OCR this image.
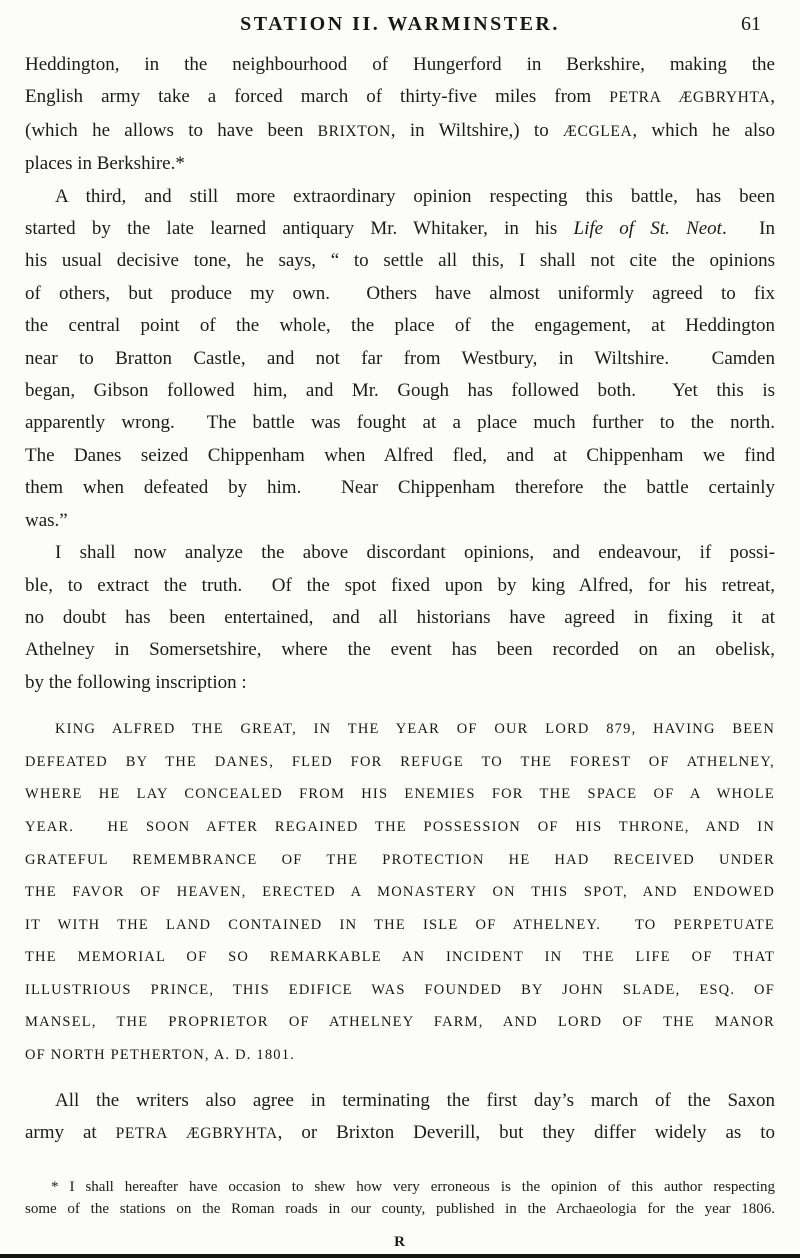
STATION II. WARMINSTER.	61
Heddington, in the neighbourhood of Hungerford in Berkshire, making the
English army take a forced march of thirty-five miles from PETRA ÆGBRYHTA,
(which he allows to have been BRIXTON, in Wiltshire,) to ÆCGLEA, which he also
places in Berkshire.*
A third, and still more extraordinary opinion respecting this battle, has been
started by the late learned antiquary Mr. Whitaker, in his Life of St. Neot.  In
his usual decisive tone, he says, “ to settle all this, I shall not cite the opinions
of others, but produce my own.  Others have almost uniformly agreed to fix
the central point of the whole, the place of the engagement, at Heddington
near to Bratton Castle, and not far from Westbury, in Wiltshire.  Camden
began, Gibson followed him, and Mr. Gough has followed both.  Yet this is
apparently wrong.  The battle was fought at a place much further to the north.
The Danes seized Chippenham when Alfred fled, and at Chippenham we find
them when defeated by him.  Near Chippenham therefore the battle certainly
was.”
I shall now analyze the above discordant opinions, and endeavour, if possi-
ble, to extract the truth.  Of the spot fixed upon by king Alfred, for his retreat,
no doubt has been entertained, and all historians have agreed in fixing it at
Athelney in Somersetshire, where the event has been recorded on an obelisk,
by the following inscription :
KING ALFRED THE GREAT, IN THE YEAR OF OUR LORD 879, HAVING BEEN
DEFEATED BY THE DANES, FLED FOR REFUGE TO THE FOREST OF ATHELNEY,
WHERE HE LAY CONCEALED FROM HIS ENEMIES FOR THE SPACE OF A WHOLE
YEAR.  HE SOON AFTER REGAINED THE POSSESSION OF HIS THRONE, AND IN
GRATEFUL REMEMBRANCE OF THE PROTECTION HE HAD RECEIVED UNDER
THE FAVOR OF HEAVEN, ERECTED A MONASTERY ON THIS SPOT, AND ENDOWED
IT WITH THE LAND CONTAINED IN THE ISLE OF ATHELNEY.  TO PERPETUATE
THE MEMORIAL OF SO REMARKABLE AN INCIDENT IN THE LIFE OF THAT
ILLUSTRIOUS PRINCE, THIS EDIFICE WAS FOUNDED BY JOHN SLADE, ESQ. OF
MANSEL, THE PROPRIETOR OF ATHELNEY FARM, AND LORD OF THE MANOR
OF NORTH PETHERTON, A. D. 1801.
All the writers also agree in terminating the first day’s march of the Saxon
army at PETRA ÆGBRYHTA, or Brixton Deverill, but they differ widely as to
* I shall hereafter have occasion to shew how very erroneous is the opinion of this author respecting
some of the stations on the Roman roads in our county, published in the Archaeologia for the year 1806.
R
